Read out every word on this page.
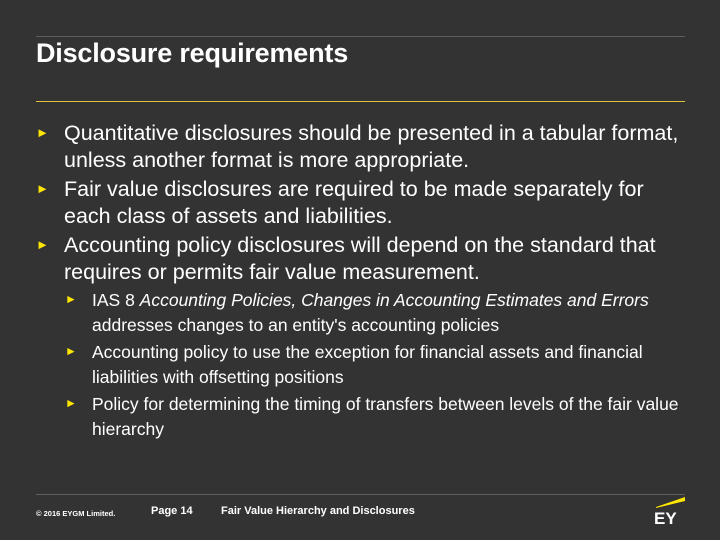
Disclosure requirements
► Quantitative disclosures should be presented in a tabular format, unless another format is more appropriate.
► Fair value disclosures are required to be made separately for each class of assets and liabilities.
► Accounting policy disclosures will depend on the standard that requires or permits fair value measurement.
► IAS 8 Accounting Policies, Changes in Accounting Estimates and Errors addresses changes to an entity's accounting policies
► Accounting policy to use the exception for financial assets and financial liabilities with offsetting positions
► Policy for determining the timing of transfers between levels of the fair value hierarchy
© 2016 EYGM Limited.	Page 14	Fair Value Hierarchy and Disclosures	EY
